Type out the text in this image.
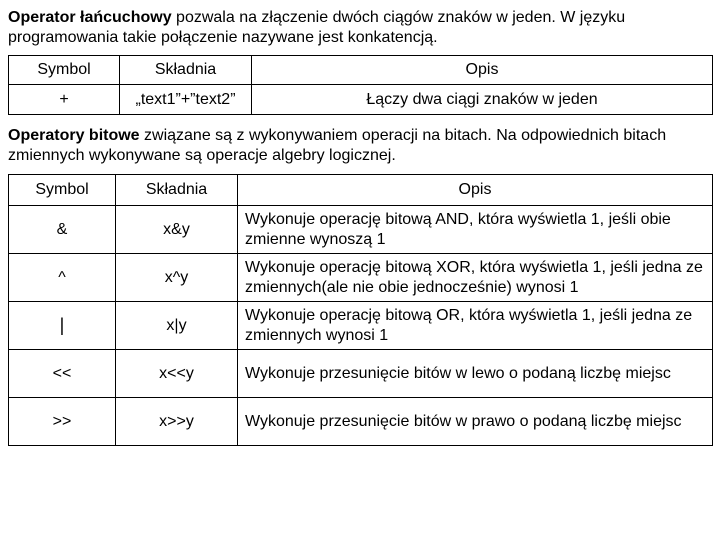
Operator łańcuchowy pozwala na złączenie dwóch ciągów znaków w jeden. W języku programowania takie połączenie nazywane jest konkatencją.
Symbol	Składnia	Opis
+	„text1”+”text2”	Łączy dwa ciągi znaków w jeden
Operatory bitowe związane są z wykonywaniem operacji na bitach. Na odpowiednich bitach zmiennych wykonywane są operacje algebry logicznej.
Symbol	Składnia	Opis
&	x&y	Wykonuje operację bitową AND, która wyświetla 1, jeśli obie zmienne wynoszą 1
^	x^y	Wykonuje operację bitową XOR, która wyświetla 1, jeśli jedna ze zmiennych(ale nie obie jednocześnie) wynosi 1
|	x|y	Wykonuje operację bitową OR, która wyświetla 1, jeśli jedna ze zmiennych wynosi 1
<<	x<<y	Wykonuje przesunięcie bitów w lewo o podaną liczbę miejsc
>>	x>>y	Wykonuje przesunięcie bitów w prawo o podaną liczbę miejsc
